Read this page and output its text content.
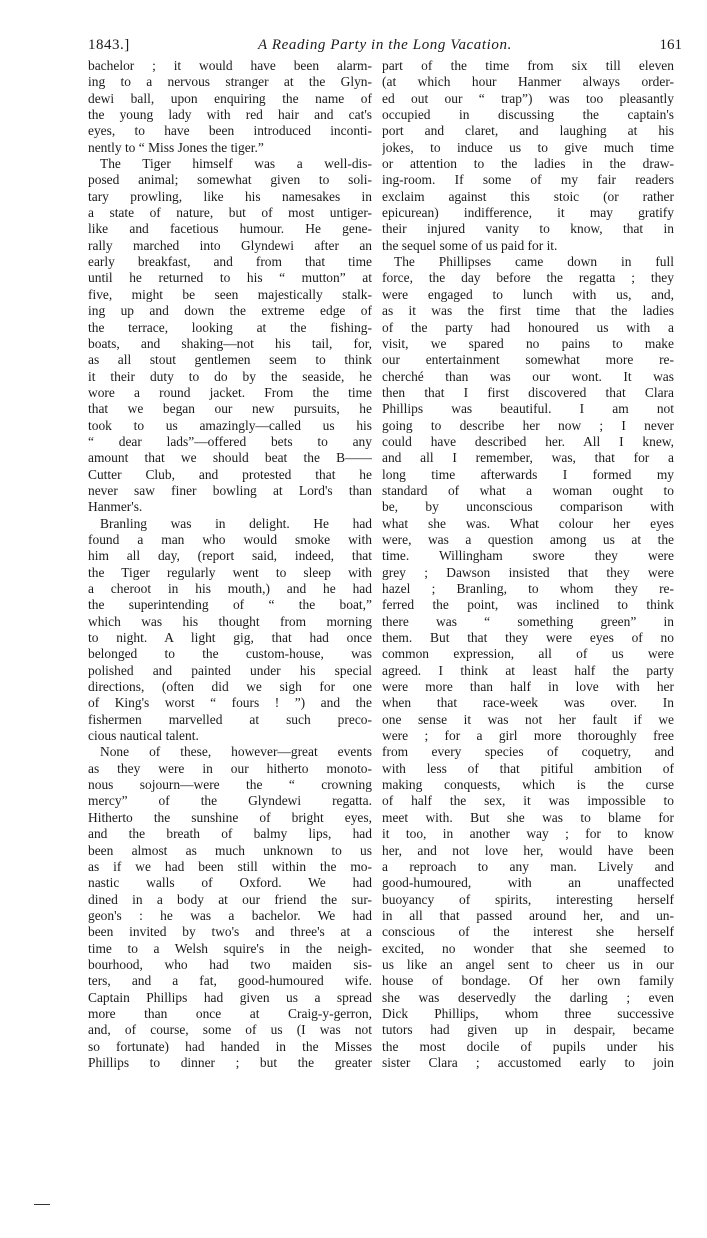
1843.]	A Reading Party in the Long Vacation.	161
bachelor ; it would have been alarm-
ing to a nervous stranger at the Glyn-
dewi ball, upon enquiring the name of
the young lady with red hair and cat's
eyes, to have been introduced inconti-
nently to “ Miss Jones the tiger.”
The Tiger himself was a well-dis-
posed animal; somewhat given to soli-
tary prowling, like his namesakes in
a state of nature, but of most untiger-
like and facetious humour. He gene-
rally marched into Glyndewi after an
early breakfast, and from that time
until he returned to his “ mutton” at
five, might be seen majestically stalk-
ing up and down the extreme edge of
the terrace, looking at the fishing-
boats, and shaking—not his tail, for,
as all stout gentlemen seem to think
it their duty to do by the seaside, he
wore a round jacket. From the time
that we began our new pursuits, he
took to us amazingly—called us his
“ dear lads”—offered bets to any
amount that we should beat the B——
Cutter Club, and protested that he
never saw finer bowling at Lord's than
Hanmer's.
Branling was in delight. He had
found a man who would smoke with
him all day, (report said, indeed, that
the Tiger regularly went to sleep with
a cheroot in his mouth,) and he had
the superintending of “ the boat,”
which was his thought from morning
to night. A light gig, that had once
belonged to the custom-house, was
polished and painted under his special
directions, (often did we sigh for one
of King's worst “ fours ! ”) and the
fishermen marvelled at such preco-
cious nautical talent.
None of these, however—great events
as they were in our hitherto monoto-
nous sojourn—were the “ crowning
mercy” of the Glyndewi regatta.
Hitherto the sunshine of bright eyes,
and the breath of balmy lips, had
been almost as much unknown to us
as if we had been still within the mo-
nastic walls of Oxford. We had
dined in a body at our friend the sur-
geon's : he was a bachelor. We had
been invited by two's and three's at a
time to a Welsh squire's in the neigh-
bourhood, who had two maiden sis-
ters, and a fat, good-humoured wife.
Captain Phillips had given us a spread
more than once at Craig-y-gerron,
and, of course, some of us (I was not
so fortunate) had handed in the Misses
Phillips to dinner ; but the greater
part of the time from six till eleven
(at which hour Hanmer always order-
ed out our “ trap”) was too pleasantly
occupied in discussing the captain's
port and claret, and laughing at his
jokes, to induce us to give much time
or attention to the ladies in the draw-
ing-room. If some of my fair readers
exclaim against this stoic (or rather
epicurean) indifference, it may gratify
their injured vanity to know, that in
the sequel some of us paid for it.
The Phillipses came down in full
force, the day before the regatta ; they
were engaged to lunch with us, and,
as it was the first time that the ladies
of the party had honoured us with a
visit, we spared no pains to make
our entertainment somewhat more re-
cherché than was our wont. It was
then that I first discovered that Clara
Phillips was beautiful. I am not
going to describe her now ; I never
could have described her. All I knew,
and all I remember, was, that for a
long time afterwards I formed my
standard of what a woman ought to
be, by unconscious comparison with
what she was. What colour her eyes
were, was a question among us at the
time. Willingham swore they were
grey ; Dawson insisted that they were
hazel ; Branling, to whom they re-
ferred the point, was inclined to think
there was “ something green” in
them. But that they were eyes of no
common expression, all of us were
agreed. I think at least half the party
were more than half in love with her
when that race-week was over. In
one sense it was not her fault if we
were ; for a girl more thoroughly free
from every species of coquetry, and
with less of that pitiful ambition of
making conquests, which is the curse
of half the sex, it was impossible to
meet with. But she was to blame for
it too, in another way ; for to know
her, and not love her, would have been
a reproach to any man. Lively and
good-humoured, with an unaffected
buoyancy of spirits, interesting herself
in all that passed around her, and un-
conscious of the interest she herself
excited, no wonder that she seemed to
us like an angel sent to cheer us in our
house of bondage. Of her own family
she was deservedly the darling ; even
Dick Phillips, whom three successive
tutors had given up in despair, became
the most docile of pupils under his
sister Clara ; accustomed early to join
